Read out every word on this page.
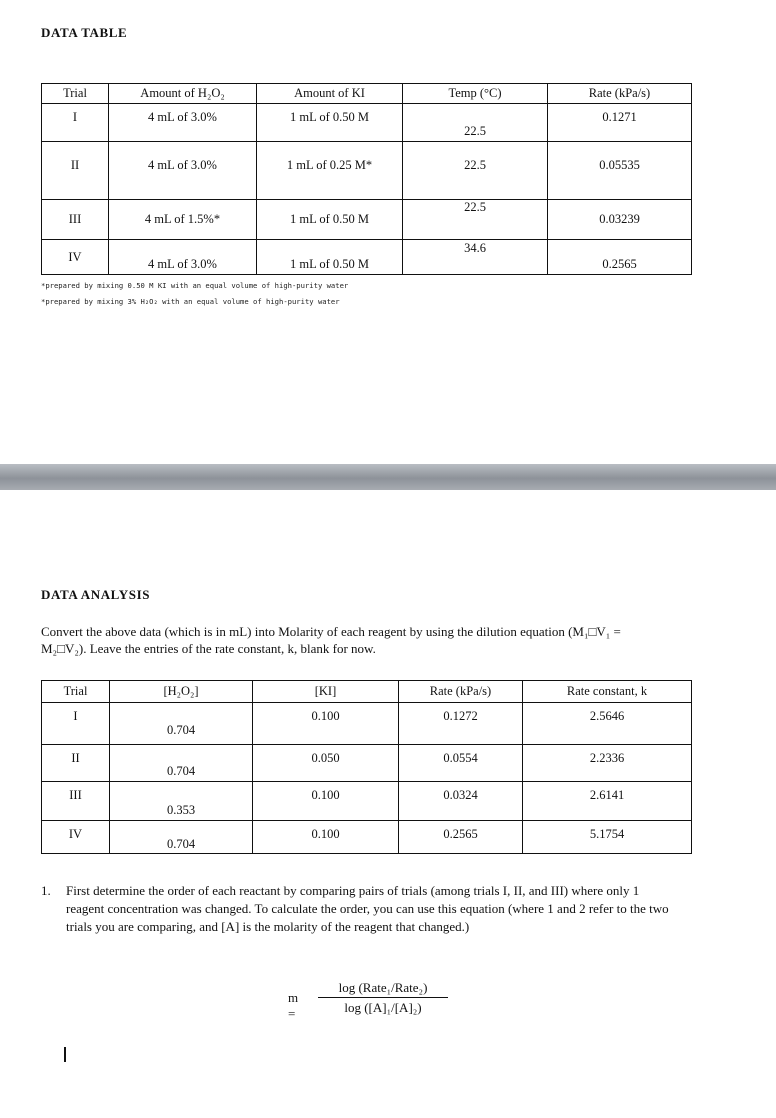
DATA TABLE
Trial	Amount of H₂O₂	Amount of KI	Temp (°C)	Rate (kPa/s)
I	4 mL of 3.0%	1 mL of 0.50 M	22.5	0.1271
II	4 mL of 3.0%	1 mL of 0.25 M*	22.5	0.05535
III	4 mL of 1.5%*	1 mL of 0.50 M	22.5	0.03239
IV	4 mL of 3.0%	1 mL of 0.50 M	34.6	0.2565
*prepared by mixing 0.50 M KI with an equal volume of high-purity water
*prepared by mixing 3% H₂O₂ with an equal volume of high-purity water
DATA ANALYSIS

Convert the above data (which is in mL) into Molarity of each reagent by using the dilution equation (M₁□V₁ = M₂□V₂). Leave the entries of the rate constant, k, blank for now.

Trial	[H₂O₂]	[KI]	Rate (kPa/s)	Rate constant, k
I	0.704	0.100	0.1272	2.5646
II	0.704	0.050	0.0554	2.2336
III	0.353	0.100	0.0324	2.6141
IV	0.704	0.100	0.2565	5.1754
1. First determine the order of each reactant by comparing pairs of trials (among trials I, II, and III) where only 1 reagent concentration was changed. To calculate the order, you can use this equation (where 1 and 2 refer to the two trials you are comparing, and [A] is the molarity of the reagent that changed.)
m =
log (Rate₁/Rate₂)
log ([A]₁/[A]₂)
